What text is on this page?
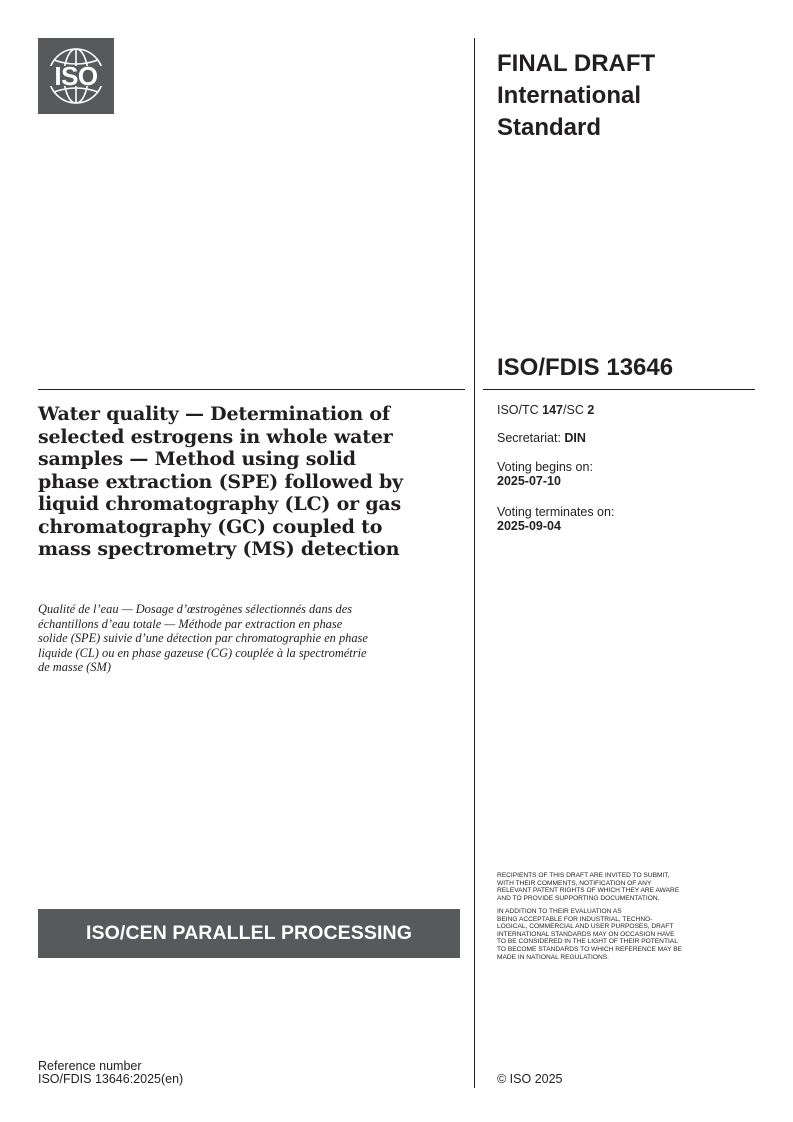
ISO	FINAL DRAFT
International
Standard
ISO/FDIS 13646
Water quality — Determination of
selected estrogens in whole water
samples — Method using solid
phase extraction (SPE) followed by
liquid chromatography (LC) or gas
chromatography (GC) coupled to
mass spectrometry (MS) detection
Qualité de l’eau — Dosage d’œstrogènes sélectionnés dans des
échantillons d’eau totale — Méthode par extraction en phase
solide (SPE) suivie d’une détection par chromatographie en phase
liquide (CL) ou en phase gazeuse (CG) couplée à la spectrométrie
de masse (SM)
ISO/TC 147/SC 2
Secretariat: DIN
Voting begins on:
2025-07-10
Voting terminates on:
2025-09-04
ISO/CEN PARALLEL PROCESSING
RECIPIENTS OF THIS DRAFT ARE INVITED TO SUBMIT,
WITH THEIR COMMENTS, NOTIFICATION OF ANY
RELEVANT PATENT RIGHTS OF WHICH THEY ARE AWARE
AND TO PROVIDE SUPPORTING DOCUMENTATION.
IN ADDITION TO THEIR EVALUATION AS
BEING ACCEPTABLE FOR INDUSTRIAL, TECHNO-
LOGICAL, COMMERCIAL AND USER PURPOSES, DRAFT
INTERNATIONAL STANDARDS MAY ON OCCASION HAVE
TO BE CONSIDERED IN THE LIGHT OF THEIR POTENTIAL
TO BECOME STANDARDS TO WHICH REFERENCE MAY BE
MADE IN NATIONAL REGULATIONS.
Reference number
ISO/FDIS 13646:2025(en)	© ISO 2025
